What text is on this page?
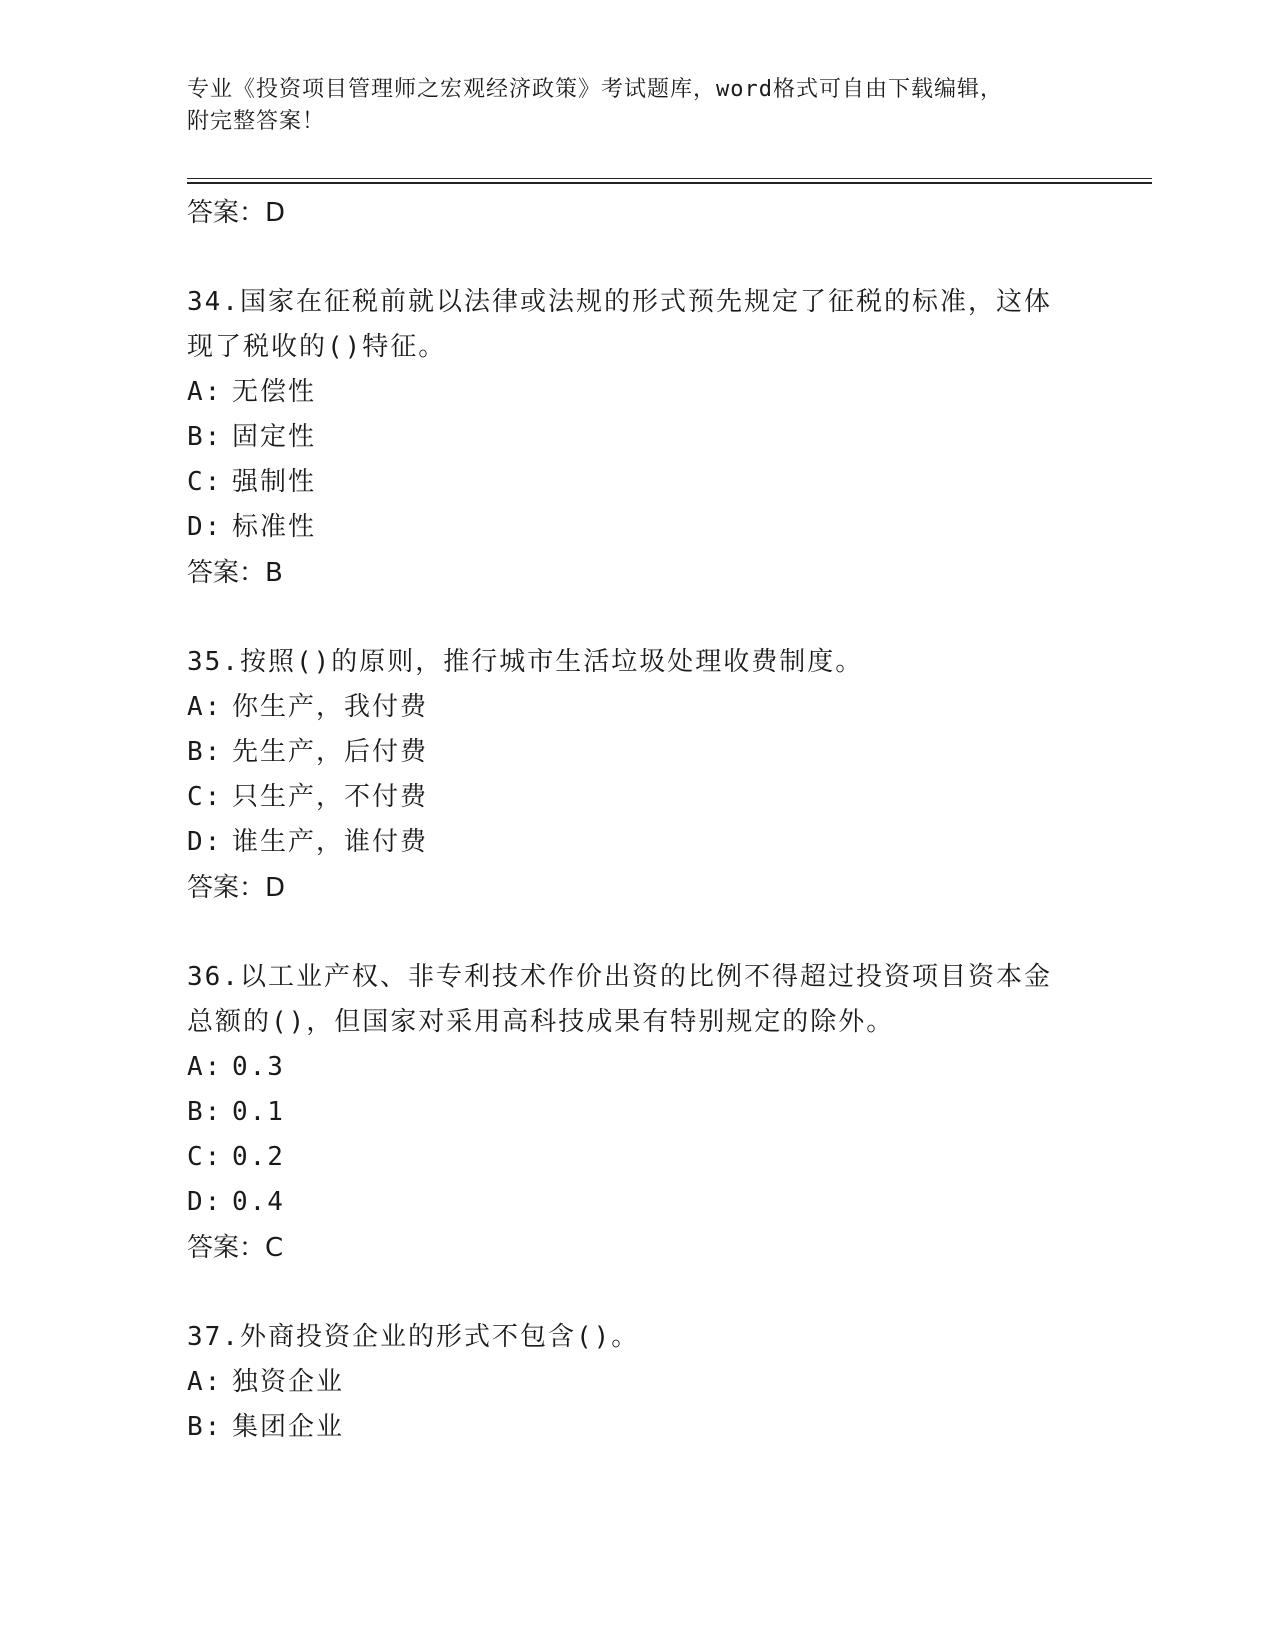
专业《投资项目管理师之宏观经济政策》考试题库，word格式可自由下载编辑，
附完整答案！
答案：D
34.国家在征税前就以法律或法规的形式预先规定了征税的标准，这体
现了税收的()特征。
A: 无偿性
B: 固定性
C: 强制性
D: 标准性
答案：B
35.按照()的原则，推行城市生活垃圾处理收费制度。
A: 你生产，我付费
B: 先生产，后付费
C: 只生产，不付费
D: 谁生产，谁付费
答案：D
36.以工业产权、非专利技术作价出资的比例不得超过投资项目资本金
总额的()，但国家对采用高科技成果有特别规定的除外。
A: 0.3
B: 0.1
C: 0.2
D: 0.4
答案：C
37.外商投资企业的形式不包含()。
A: 独资企业
B: 集团企业
